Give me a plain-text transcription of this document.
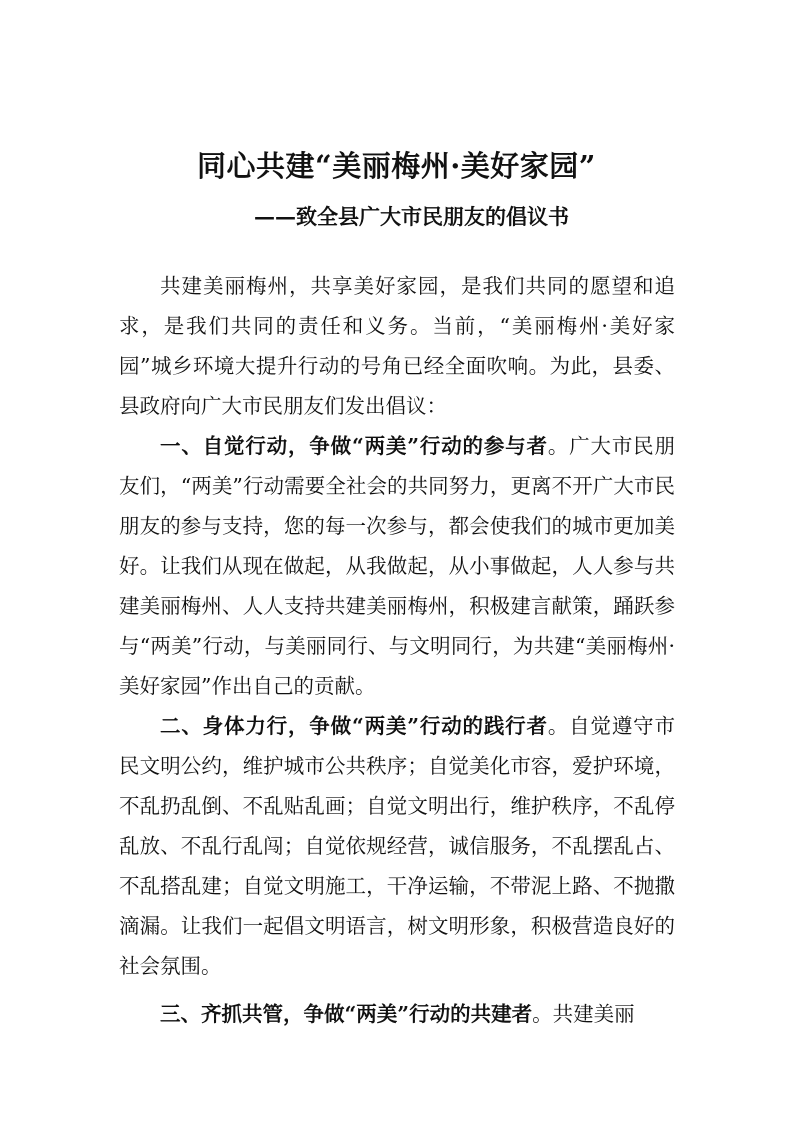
同心共建“美丽梅州·美好家园”
——致全县广大市民朋友的倡议书

共建美丽梅州，共享美好家园，是我们共同的愿望和追求，是我们共同的责任和义务。当前，“美丽梅州·美好家园”城乡环境大提升行动的号角已经全面吹响。为此，县委、县政府向广大市民朋友们发出倡议：

一、自觉行动，争做“两美”行动的参与者。广大市民朋友们，“两美”行动需要全社会的共同努力，更离不开广大市民朋友的参与支持，您的每一次参与，都会使我们的城市更加美好。让我们从现在做起，从我做起，从小事做起，人人参与共建美丽梅州、人人支持共建美丽梅州，积极建言献策，踊跃参与“两美”行动，与美丽同行、与文明同行，为共建“美丽梅州·美好家园”作出自己的贡献。

二、身体力行，争做“两美”行动的践行者。自觉遵守市民文明公约，维护城市公共秩序；自觉美化市容，爱护环境，不乱扔乱倒、不乱贴乱画；自觉文明出行，维护秩序，不乱停乱放、不乱行乱闯；自觉依规经营，诚信服务，不乱摆乱占、不乱搭乱建；自觉文明施工，干净运输，不带泥上路、不抛撒滴漏。让我们一起倡文明语言，树文明形象，积极营造良好的社会氛围。

三、齐抓共管，争做“两美”行动的共建者。共建美丽
